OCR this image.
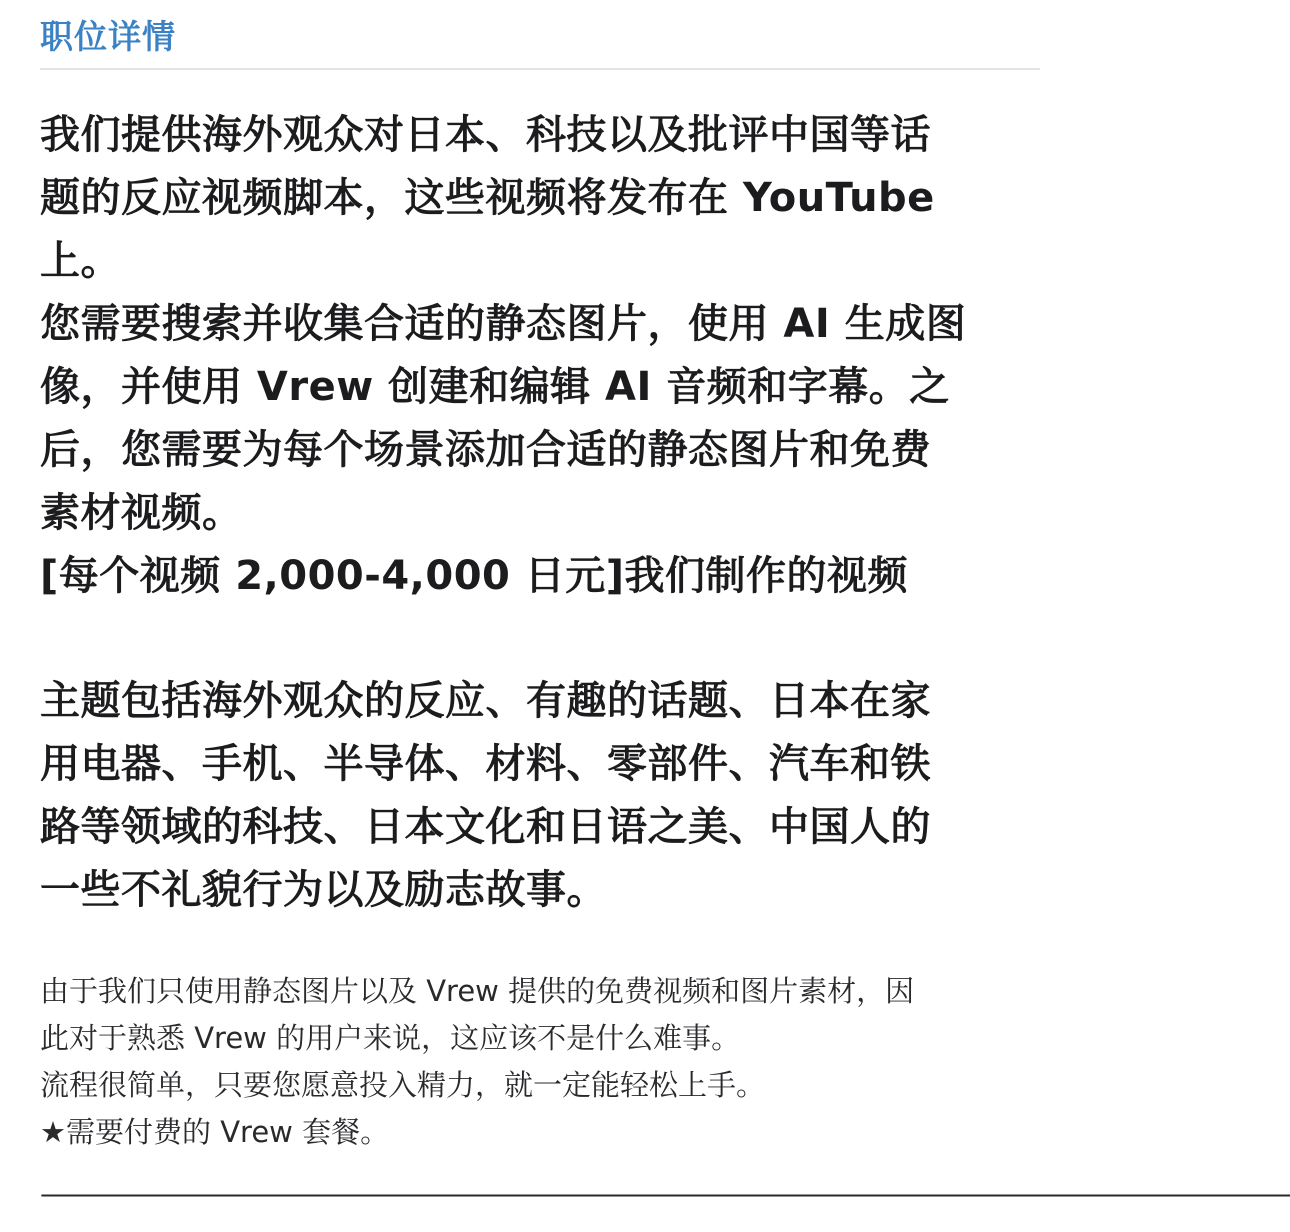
职位详情
我们提供海外观众对日本、科技以及批评中国等话
题的反应视频脚本，这些视频将发布在 YouTube
上。
您需要搜索并收集合适的静态图片，使用 AI 生成图
像，并使用 Vrew 创建和编辑 AI 音频和字幕。之
后，您需要为每个场景添加合适的静态图片和免费
素材视频。
[每个视频 2,000-4,000 日元]我们制作的视频
主题包括海外观众的反应、有趣的话题、日本在家
用电器、手机、半导体、材料、零部件、汽车和铁
路等领域的科技、日本文化和日语之美、中国人的
一些不礼貌行为以及励志故事。
由于我们只使用静态图片以及 Vrew 提供的免费视频和图片素材，因
此对于熟悉 Vrew 的用户来说，这应该不是什么难事。
流程很简单，只要您愿意投入精力，就一定能轻松上手。
★需要付费的 Vrew 套餐。
——————————————————————————————————————————————————
